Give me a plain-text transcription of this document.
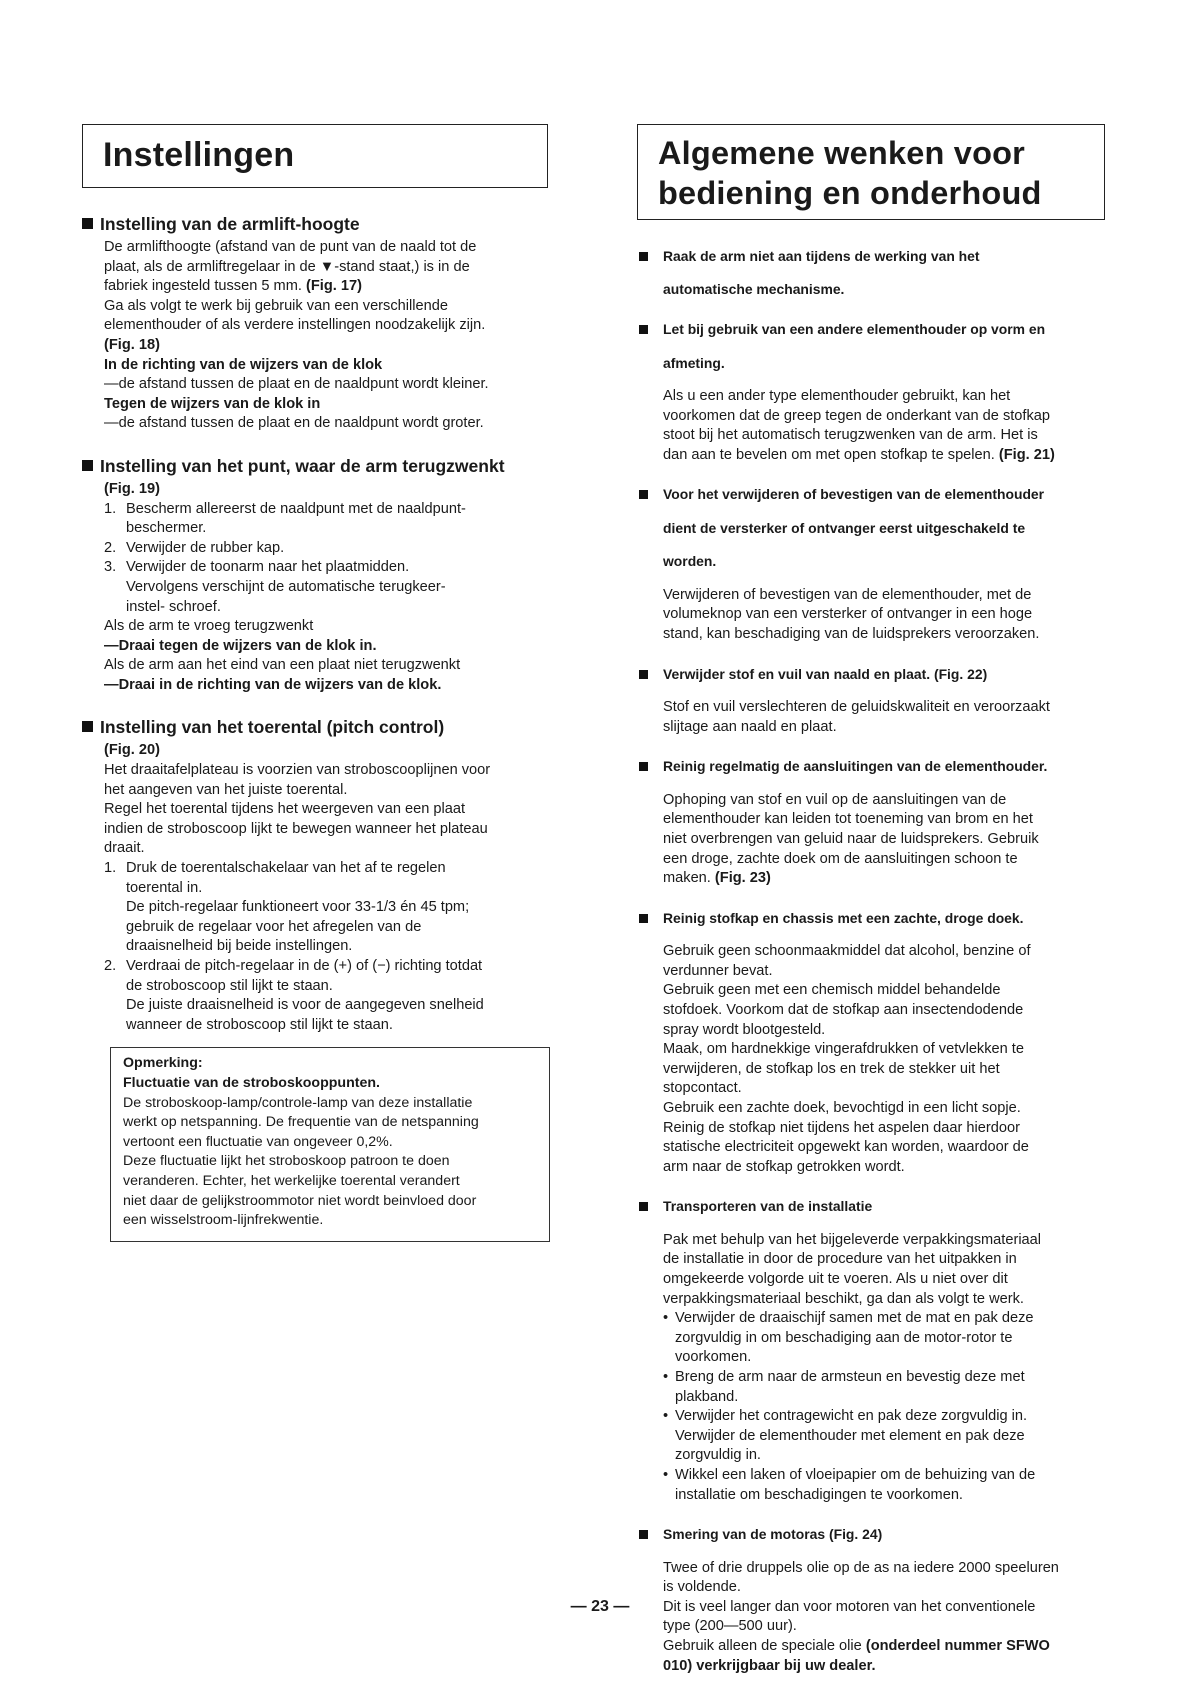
Instellingen
Instelling van de armlift-hoogte

De armlifthoogte (afstand van de punt van de naald tot de

plaat, als de armliftregelaar in de ▼-stand staat,) is in de

fabriek ingesteld tussen 5 mm. (Fig. 17)

Ga als volgt te werk bij gebruik van een verschillende

elementhouder of als verdere instellingen noodzakelijk zijn.

(Fig. 18)

In de richting van de wijzers van de klok

—de afstand tussen de plaat en de naaldpunt wordt kleiner.

Tegen de wijzers van de klok in

—de afstand tussen de plaat en de naaldpunt wordt groter.

Instelling van het punt, waar de arm terugzwenkt

(Fig. 19)

1. Bescherm allereerst de naaldpunt met de naaldpunt-

beschermer.

2. Verwijder de rubber kap.

3. Verwijder de toonarm naar het plaatmidden.

Vervolgens verschijnt de automatische terugkeer-

instel- schroef.

Als de arm te vroeg terugzwenkt

—Draai tegen de wijzers van de klok in.

Als de arm aan het eind van een plaat niet terugzwenkt

—Draai in de richting van de wijzers van de klok.

Instelling van het toerental (pitch control)

(Fig. 20)

Het draaitafelplateau is voorzien van stroboscooplijnen voor

het aangeven van het juiste toerental.

Regel het toerental tijdens het weergeven van een plaat

indien de stroboscoop lijkt te bewegen wanneer het plateau

draait.

1. Druk de toerentalschakelaar van het af te regelen

toerental in.

De pitch-regelaar funktioneert voor 33-1/3 én 45 tpm;

gebruik de regelaar voor het afregelen van de

draaisnelheid bij beide instellingen.

2. Verdraai de pitch-regelaar in de (+) of (−) richting totdat

de stroboscoop stil lijkt te staan.

De juiste draaisnelheid is voor de aangegeven snelheid

wanneer de stroboscoop stil lijkt te staan.

Opmerking:

Fluctuatie van de stroboskooppunten.

De stroboskoop-lamp/controle-lamp van deze installatie

werkt op netspanning. De frequentie van de netspanning

vertoont een fluctuatie van ongeveer 0,2%.

Deze fluctuatie lijkt het stroboskoop patroon te doen

veranderen. Echter, het werkelijke toerental verandert

niet daar de gelijkstroommotor niet wordt beinvloed door

een wisselstroom-lijnfrekwentie.

Algemene wenken voor
bediening en onderhoud

Raak de arm niet aan tijdens de werking van het

automatische mechanisme.

Let bij gebruik van een andere elementhouder op vorm en

afmeting.

Als u een ander type elementhouder gebruikt, kan het

voorkomen dat de greep tegen de onderkant van de stofkap

stoot bij het automatisch terugzwenken van de arm. Het is

dan aan te bevelen om met open stofkap te spelen. (Fig. 21)

Voor het verwijderen of bevestigen van de elementhouder

dient de versterker of ontvanger eerst uitgeschakeld te

worden.

Verwijderen of bevestigen van de elementhouder, met de

volumeknop van een versterker of ontvanger in een hoge

stand, kan beschadiging van de luidsprekers veroorzaken.

Verwijder stof en vuil van naald en plaat. (Fig. 22)

Stof en vuil verslechteren de geluidskwaliteit en veroorzaakt

slijtage aan naald en plaat.

Reinig regelmatig de aansluitingen van de elementhouder.

Ophoping van stof en vuil op de aansluitingen van de

elementhouder kan leiden tot toeneming van brom en het

niet overbrengen van geluid naar de luidsprekers. Gebruik

een droge, zachte doek om de aansluitingen schoon te

maken. (Fig. 23)

Reinig stofkap en chassis met een zachte, droge doek.

Gebruik geen schoonmaakmiddel dat alcohol, benzine of

verdunner bevat.

Gebruik geen met een chemisch middel behandelde

stofdoek. Voorkom dat de stofkap aan insectendodende

spray wordt blootgesteld.

Maak, om hardnekkige vingerafdrukken of vetvlekken te

verwijderen, de stofkap los en trek de stekker uit het

stopcontact.

Gebruik een zachte doek, bevochtigd in een licht sopje.

Reinig de stofkap niet tijdens het aspelen daar hierdoor

statische electriciteit opgewekt kan worden, waardoor de

arm naar de stofkap getrokken wordt.

Transporteren van de installatie

Pak met behulp van het bijgeleverde verpakkingsmateriaal

de installatie in door de procedure van het uitpakken in

omgekeerde volgorde uit te voeren. Als u niet over dit

verpakkingsmateriaal beschikt, ga dan als volgt te werk.

• Verwijder de draaischijf samen met de mat en pak deze

zorgvuldig in om beschadiging aan de motor-rotor te

voorkomen.

• Breng de arm naar de armsteun en bevestig deze met

plakband.

• Verwijder het contragewicht en pak deze zorgvuldig in.

Verwijder de elementhouder met element en pak deze

zorgvuldig in.

• Wikkel een laken of vloeipapier om de behuizing van de

installatie om beschadigingen te voorkomen.

Smering van de motoras (Fig. 24)

Twee of drie druppels olie op de as na iedere 2000 speeluren

is voldende.

Dit is veel langer dan voor motoren van het conventionele

type (200—500 uur).

Gebruik alleen de speciale olie (onderdeel nummer SFWO

010) verkrijgbaar bij uw dealer.

— 23 —
